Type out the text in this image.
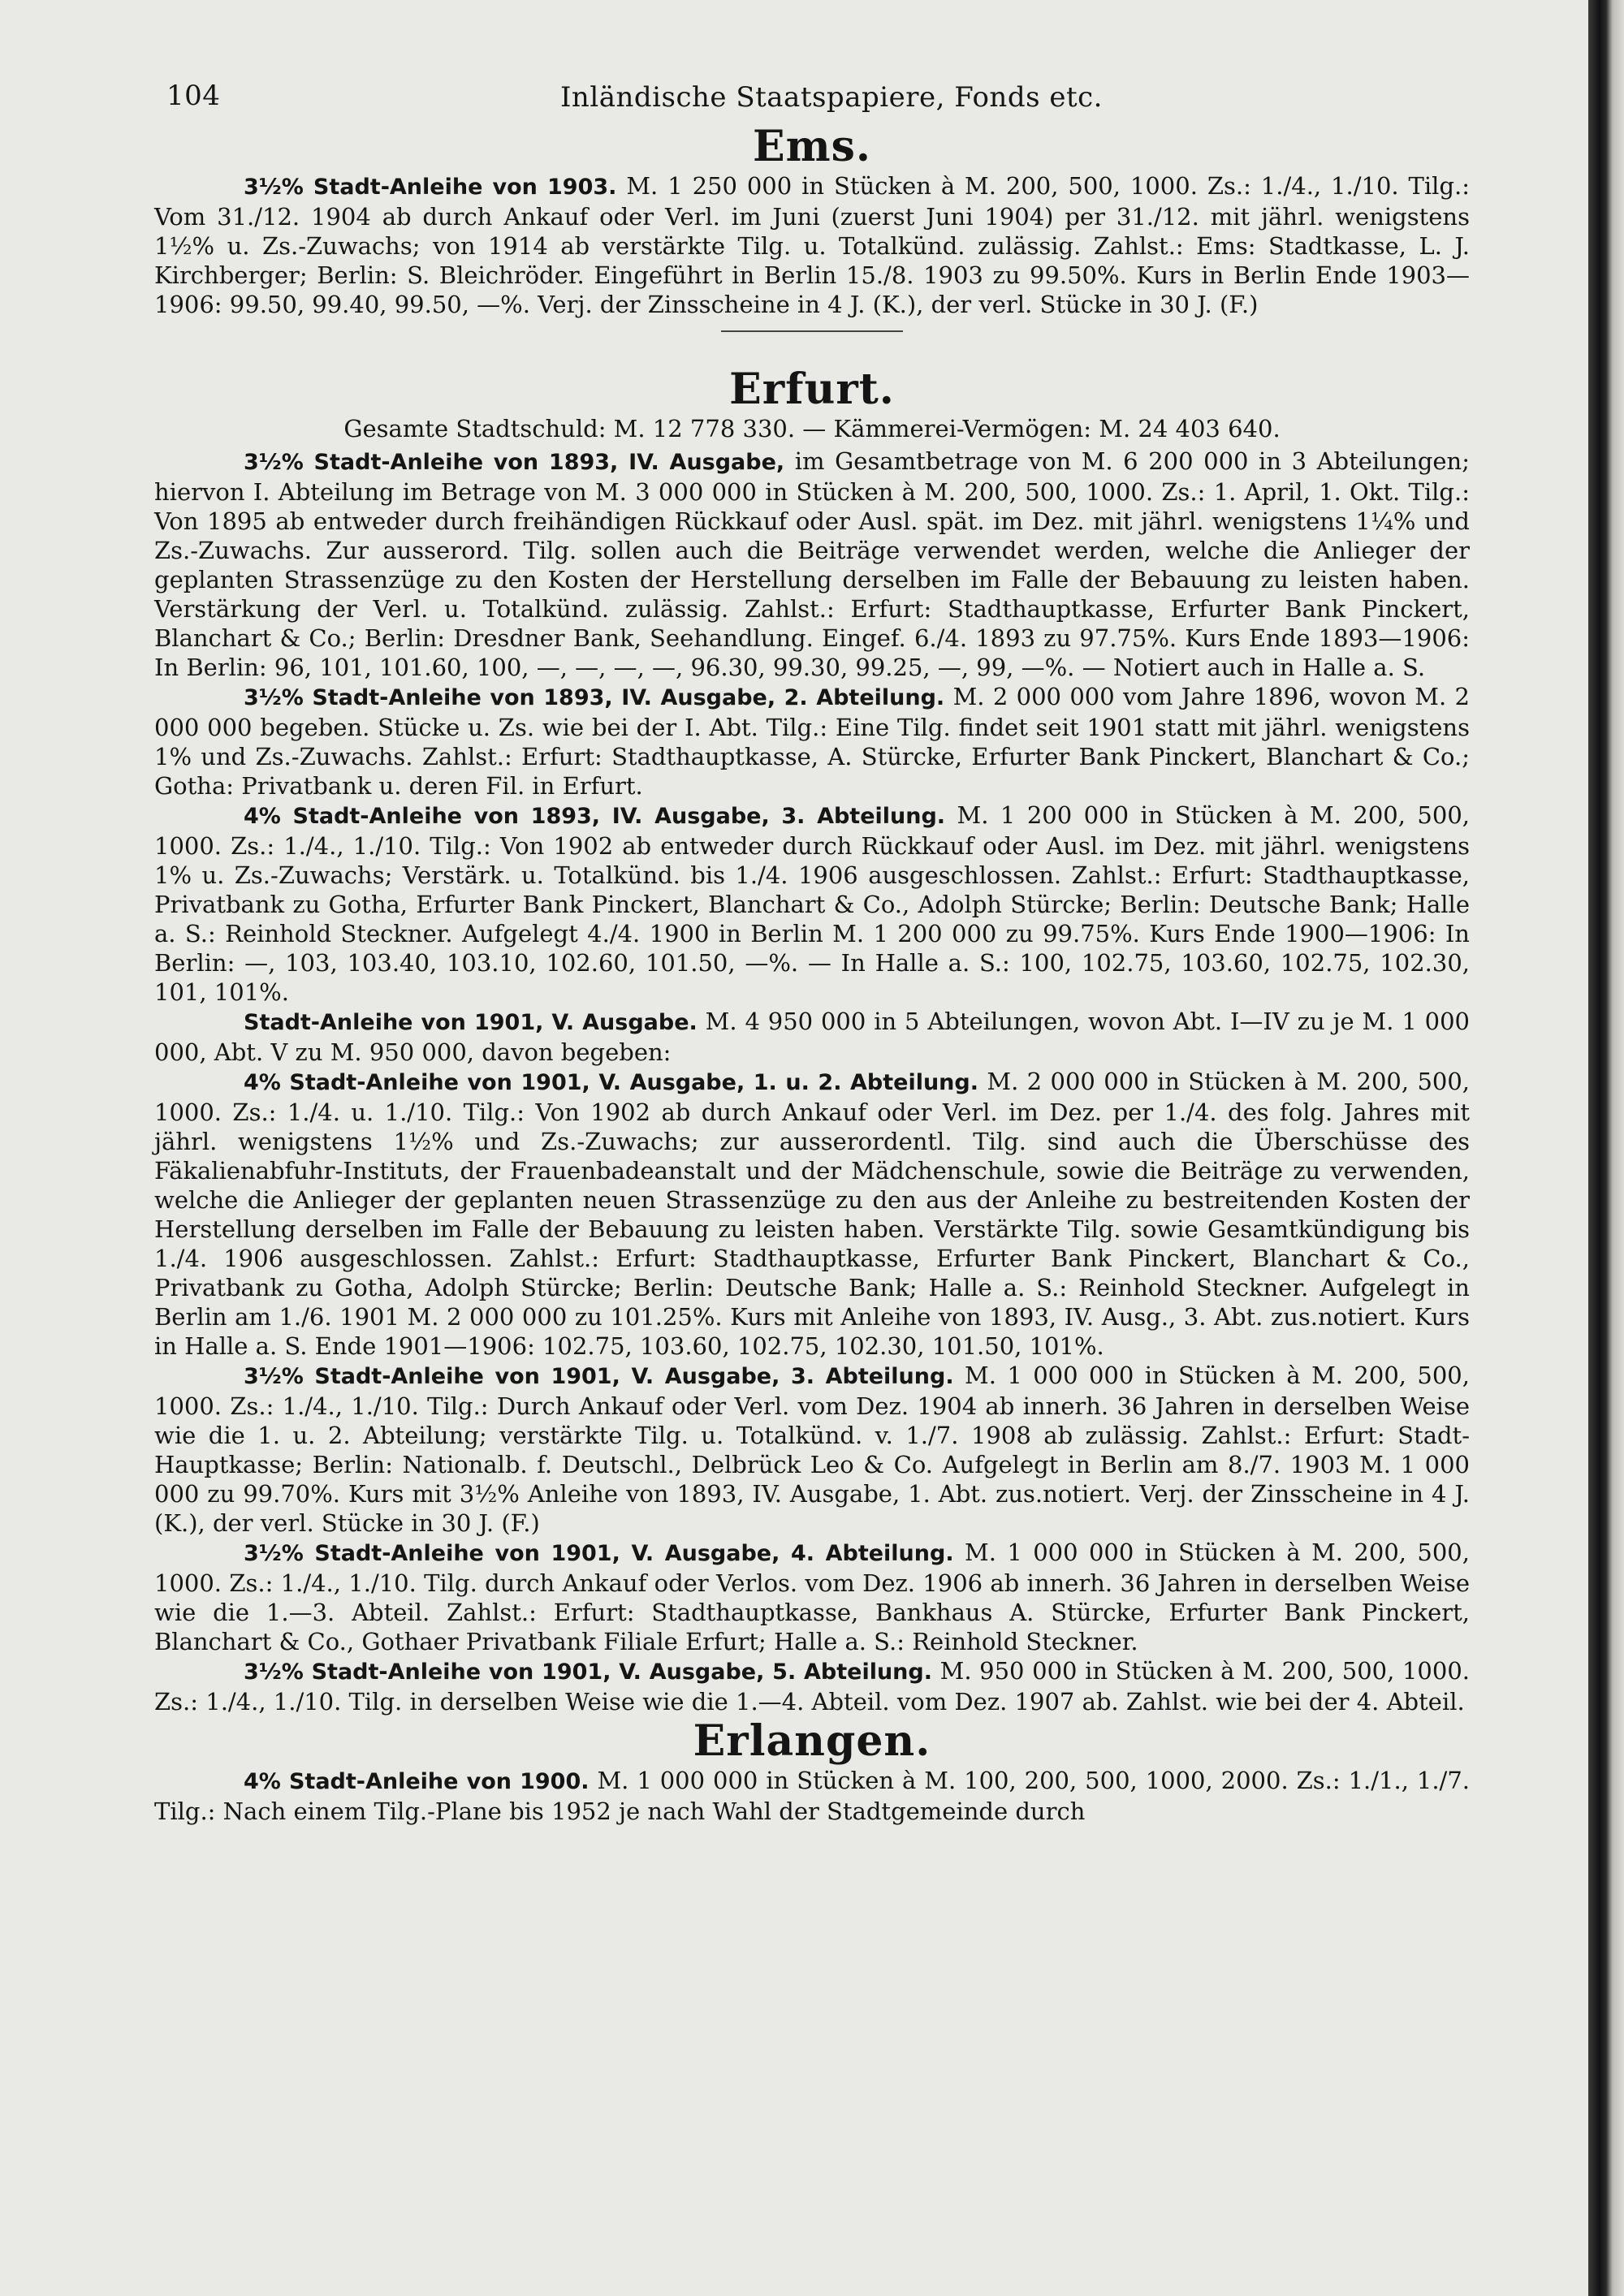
104	Inländische Staatspapiere, Fonds etc.
Ems.

3½% Stadt-Anleihe von 1903. M. 1 250 000 in Stücken à M. 200, 500, 1000. Zs.: 1./4., 1./10. Tilg.: Vom 31./12. 1904 ab durch Ankauf oder Verl. im Juni (zuerst Juni 1904) per 31./12. mit jährl. wenigstens 1½% u. Zs.-Zuwachs; von 1914 ab verstärkte Tilg. u. Totalkünd. zulässig. Zahlst.: Ems: Stadtkasse, L. J. Kirchberger; Berlin: S. Bleichröder. Eingeführt in Berlin 15./8. 1903 zu 99.50%. Kurs in Berlin Ende 1903—1906: 99.50, 99.40, 99.50, —%. Verj. der Zinsscheine in 4 J. (K.), der verl. Stücke in 30 J. (F.)

Erfurt.

Gesamte Stadtschuld: M. 12 778 330. — Kämmerei-Vermögen: M. 24 403 640.

3½% Stadt-Anleihe von 1893, IV. Ausgabe, im Gesamtbetrage von M. 6 200 000 in 3 Abteilungen; hiervon I. Abteilung im Betrage von M. 3 000 000 in Stücken à M. 200, 500, 1000. Zs.: 1. April, 1. Okt. Tilg.: Von 1895 ab entweder durch freihändigen Rückkauf oder Ausl. spät. im Dez. mit jährl. wenigstens 1¼% und Zs.-Zuwachs. Zur ausserord. Tilg. sollen auch die Beiträge verwendet werden, welche die Anlieger der geplanten Strassenzüge zu den Kosten der Herstellung derselben im Falle der Bebauung zu leisten haben. Verstärkung der Verl. u. Totalkünd. zulässig. Zahlst.: Erfurt: Stadthauptkasse, Erfurter Bank Pinckert, Blanchart & Co.; Berlin: Dresdner Bank, Seehandlung. Eingef. 6./4. 1893 zu 97.75%. Kurs Ende 1893—1906: In Berlin: 96, 101, 101.60, 100, —, —, —, —, 96.30, 99.30, 99.25, —, 99, —%. — Notiert auch in Halle a. S.

3½% Stadt-Anleihe von 1893, IV. Ausgabe, 2. Abteilung. M. 2 000 000 vom Jahre 1896, wovon M. 2 000 000 begeben. Stücke u. Zs. wie bei der I. Abt. Tilg.: Eine Tilg. findet seit 1901 statt mit jährl. wenigstens 1% und Zs.-Zuwachs. Zahlst.: Erfurt: Stadthauptkasse, A. Stürcke, Erfurter Bank Pinckert, Blanchart & Co.; Gotha: Privatbank u. deren Fil. in Erfurt.

4% Stadt-Anleihe von 1893, IV. Ausgabe, 3. Abteilung. M. 1 200 000 in Stücken à M. 200, 500, 1000. Zs.: 1./4., 1./10. Tilg.: Von 1902 ab entweder durch Rückkauf oder Ausl. im Dez. mit jährl. wenigstens 1% u. Zs.-Zuwachs; Verstärk. u. Totalkünd. bis 1./4. 1906 ausgeschlossen. Zahlst.: Erfurt: Stadthauptkasse, Privatbank zu Gotha, Erfurter Bank Pinckert, Blanchart & Co., Adolph Stürcke; Berlin: Deutsche Bank; Halle a. S.: Reinhold Steckner. Aufgelegt 4./4. 1900 in Berlin M. 1 200 000 zu 99.75%. Kurs Ende 1900—1906: In Berlin: —, 103, 103.40, 103.10, 102.60, 101.50, —%. — In Halle a. S.: 100, 102.75, 103.60, 102.75, 102.30, 101, 101%.

Stadt-Anleihe von 1901, V. Ausgabe. M. 4 950 000 in 5 Abteilungen, wovon Abt. I—IV zu je M. 1 000 000, Abt. V zu M. 950 000, davon begeben:

4% Stadt-Anleihe von 1901, V. Ausgabe, 1. u. 2. Abteilung. M. 2 000 000 in Stücken à M. 200, 500, 1000. Zs.: 1./4. u. 1./10. Tilg.: Von 1902 ab durch Ankauf oder Verl. im Dez. per 1./4. des folg. Jahres mit jährl. wenigstens 1½% und Zs.-Zuwachs; zur ausserordentl. Tilg. sind auch die Überschüsse des Fäkalienabfuhr-Instituts, der Frauenbadeanstalt und der Mädchenschule, sowie die Beiträge zu verwenden, welche die Anlieger der geplanten neuen Strassenzüge zu den aus der Anleihe zu bestreitenden Kosten der Herstellung derselben im Falle der Bebauung zu leisten haben. Verstärkte Tilg. sowie Gesamtkündigung bis 1./4. 1906 ausgeschlossen. Zahlst.: Erfurt: Stadthauptkasse, Erfurter Bank Pinckert, Blanchart & Co., Privatbank zu Gotha, Adolph Stürcke; Berlin: Deutsche Bank; Halle a. S.: Reinhold Steckner. Aufgelegt in Berlin am 1./6. 1901 M. 2 000 000 zu 101.25%. Kurs mit Anleihe von 1893, IV. Ausg., 3. Abt. zus.notiert. Kurs in Halle a. S. Ende 1901—1906: 102.75, 103.60, 102.75, 102.30, 101.50, 101%.

3½% Stadt-Anleihe von 1901, V. Ausgabe, 3. Abteilung. M. 1 000 000 in Stücken à M. 200, 500, 1000. Zs.: 1./4., 1./10. Tilg.: Durch Ankauf oder Verl. vom Dez. 1904 ab innerh. 36 Jahren in derselben Weise wie die 1. u. 2. Abteilung; verstärkte Tilg. u. Totalkünd. v. 1./7. 1908 ab zulässig. Zahlst.: Erfurt: Stadt-Hauptkasse; Berlin: Nationalb. f. Deutschl., Delbrück Leo & Co. Aufgelegt in Berlin am 8./7. 1903 M. 1 000 000 zu 99.70%. Kurs mit 3½% Anleihe von 1893, IV. Ausgabe, 1. Abt. zus.notiert. Verj. der Zinsscheine in 4 J. (K.), der verl. Stücke in 30 J. (F.)

3½% Stadt-Anleihe von 1901, V. Ausgabe, 4. Abteilung. M. 1 000 000 in Stücken à M. 200, 500, 1000. Zs.: 1./4., 1./10. Tilg. durch Ankauf oder Verlos. vom Dez. 1906 ab innerh. 36 Jahren in derselben Weise wie die 1.—3. Abteil. Zahlst.: Erfurt: Stadthauptkasse, Bankhaus A. Stürcke, Erfurter Bank Pinckert, Blanchart & Co., Gothaer Privatbank Filiale Erfurt; Halle a. S.: Reinhold Steckner.

3½% Stadt-Anleihe von 1901, V. Ausgabe, 5. Abteilung. M. 950 000 in Stücken à M. 200, 500, 1000. Zs.: 1./4., 1./10. Tilg. in derselben Weise wie die 1.—4. Abteil. vom Dez. 1907 ab. Zahlst. wie bei der 4. Abteil.

Erlangen.

4% Stadt-Anleihe von 1900. M. 1 000 000 in Stücken à M. 100, 200, 500, 1000, 2000. Zs.: 1./1., 1./7. Tilg.: Nach einem Tilg.-Plane bis 1952 je nach Wahl der Stadtgemeinde durch
